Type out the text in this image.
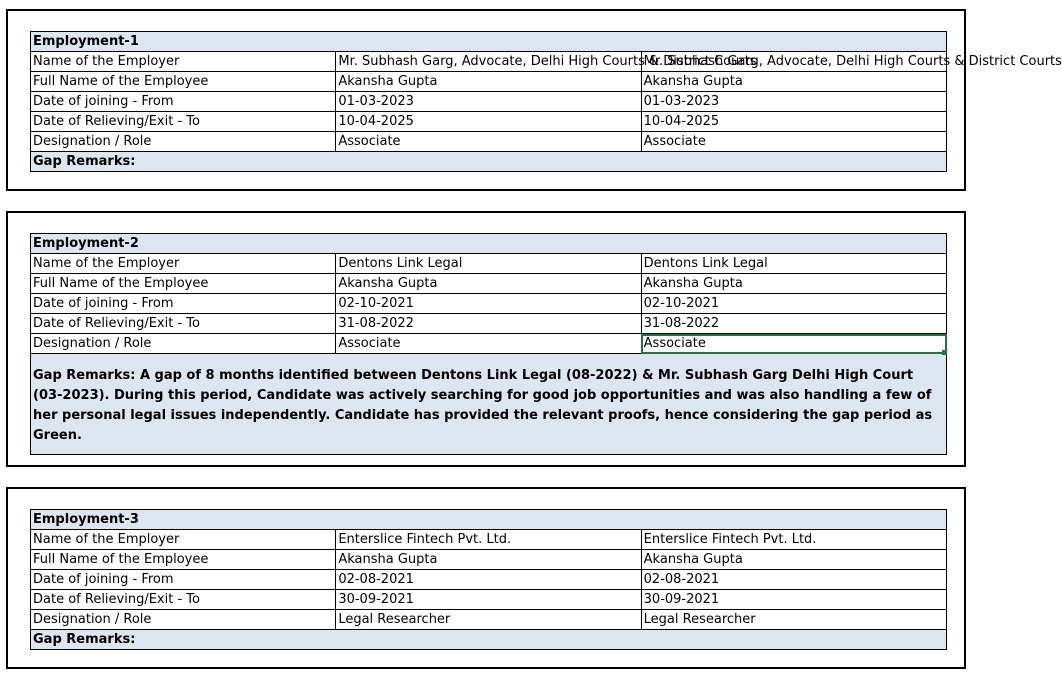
Employment-1		
Name of the Employer	Mr. Subhash Garg, Advocate, Delhi High Courts & District Courts	Mr. Subhash Garg, Advocate, Delhi High Courts & District Courts
Full Name of the Employee	Akansha Gupta	Akansha Gupta
Date of joining - From	01-03-2023	01-03-2023
Date of Relieving/Exit - To	10-04-2025	10-04-2025
Designation / Role	Associate	Associate
Gap Remarks:		
Employment-2		
Name of the Employer	Dentons Link Legal	Dentons Link Legal
Full Name of the Employee	Akansha Gupta	Akansha Gupta
Date of joining - From	02-10-2021	02-10-2021
Date of Relieving/Exit - To	31-08-2022	31-08-2022
Designation / Role	Associate	Associate
Gap Remarks: A gap of 8 months identified between Dentons Link Legal (08-2022) & Mr. Subhash Garg Delhi High Court (03-2023). During this period, Candidate was actively searching for good job opportunities and was also handling a few of her personal legal issues independently. Candidate has provided the relevant proofs, hence considering the gap period as Green.		
Employment-3		
Name of the Employer	Enterslice Fintech Pvt. Ltd.	Enterslice Fintech Pvt. Ltd.
Full Name of the Employee	Akansha Gupta	Akansha Gupta
Date of joining - From	02-08-2021	02-08-2021
Date of Relieving/Exit - To	30-09-2021	30-09-2021
Designation / Role	Legal Researcher	Legal Researcher
Gap Remarks:		
